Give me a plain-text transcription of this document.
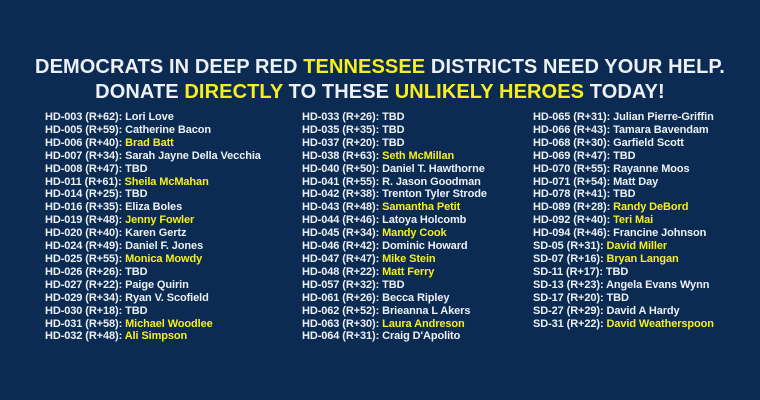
DEMOCRATS IN DEEP RED TENNESSEE DISTRICTS NEED YOUR HELP.
DONATE DIRECTLY TO THESE UNLIKELY HEROES TODAY!
HD-003 (R+62): Lori Love
HD-005 (R+59): Catherine Bacon
HD-006 (R+40): Brad Batt
HD-007 (R+34): Sarah Jayne Della Vecchia
HD-008 (R+47): TBD
HD-011 (R+61): Sheila McMahan
HD-014 (R+25): TBD
HD-016 (R+35): Eliza Boles
HD-019 (R+48): Jenny Fowler
HD-020 (R+40): Karen Gertz
HD-024 (R+49): Daniel F. Jones
HD-025 (R+55): Monica Mowdy
HD-026 (R+26): TBD
HD-027 (R+22): Paige Quirin
HD-029 (R+34): Ryan V. Scofield
HD-030 (R+18): TBD
HD-031 (R+58): Michael Woodlee
HD-032 (R+48): Ali Simpson
HD-033 (R+26): TBD
HD-035 (R+35): TBD
HD-037 (R+20): TBD
HD-038 (R+63): Seth McMillan
HD-040 (R+50): Daniel T. Hawthorne
HD-041 (R+55): R. Jason Goodman
HD-042 (R+38): Trenton Tyler Strode
HD-043 (R+48): Samantha Petit
HD-044 (R+46): Latoya Holcomb
HD-045 (R+34): Mandy Cook
HD-046 (R+42): Dominic Howard
HD-047 (R+47): Mike Stein
HD-048 (R+22): Matt Ferry
HD-057 (R+32): TBD
HD-061 (R+26): Becca Ripley
HD-062 (R+52): Brieanna L Akers
HD-063 (R+30): Laura Andreson
HD-064 (R+31): Craig D'Apolito
HD-065 (R+31): Julian Pierre-Griffin
HD-066 (R+43): Tamara Bavendam
HD-068 (R+30): Garfield Scott
HD-069 (R+47): TBD
HD-070 (R+55): Rayanne Moos
HD-071 (R+54): Matt Day
HD-078 (R+41): TBD
HD-089 (R+28): Randy DeBord
HD-092 (R+40): Teri Mai
HD-094 (R+46): Francine Johnson
SD-05 (R+31): David Miller
SD-07 (R+16): Bryan Langan
SD-11 (R+17): TBD
SD-13 (R+23): Angela Evans Wynn
SD-17 (R+20): TBD
SD-27 (R+29): David A Hardy
SD-31 (R+22): David Weatherspoon
